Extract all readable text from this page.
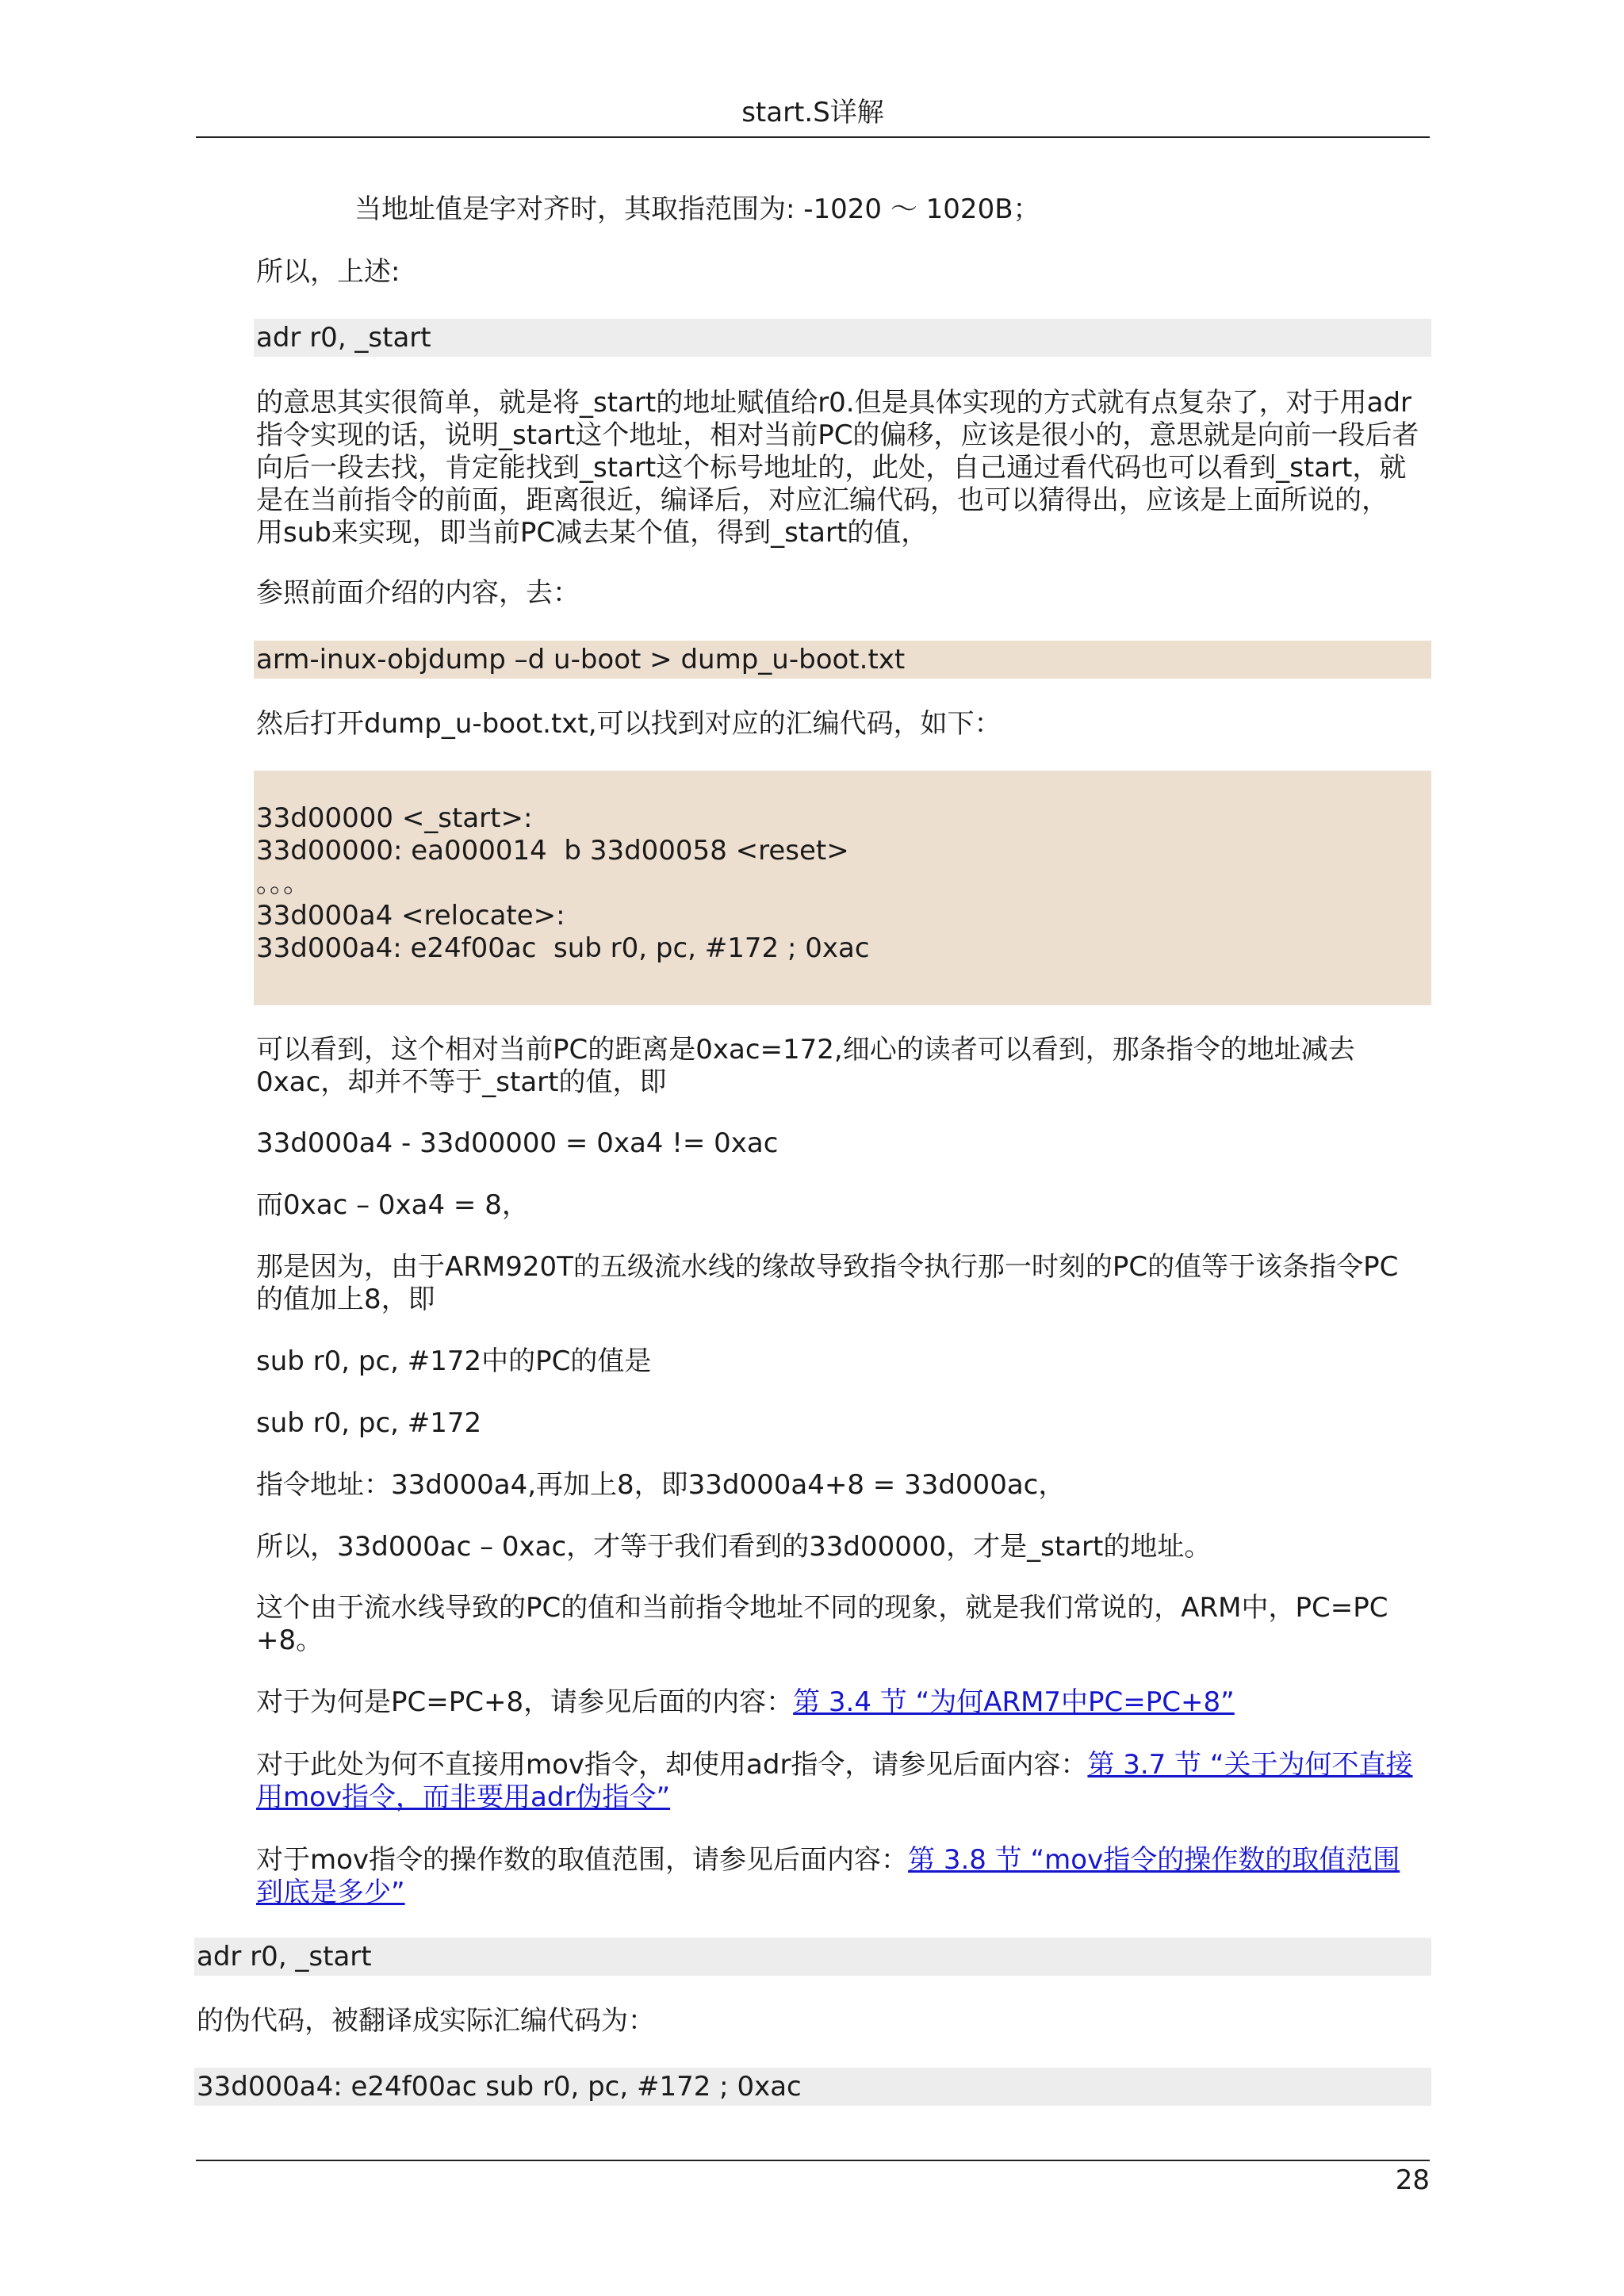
start.S详解

当地址值是字对齐时，其取指范围为: -1020 ～ 1020B；

所以，上述:

adr r0, _start
的意思其实很简单，就是将_start的地址赋值给r0.但是具体实现的方式就有点复杂了，对于用adr
指令实现的话，说明_start这个地址，相对当前PC的偏移，应该是很小的，意思就是向前一段后者
向后一段去找，肯定能找到_start这个标号地址的，此处，自己通过看代码也可以看到_start，就
是在当前指令的前面，距离很近，编译后，对应汇编代码，也可以猜得出，应该是上面所说的，
用sub来实现，即当前PC减去某个值，得到_start的值，

参照前面介绍的内容，去：

arm-inux-objdump –d u-boot > dump_u-boot.txt

然后打开dump_u-boot.txt,可以找到对应的汇编代码，如下：

33d00000 <_start>:
33d00000: ea000014  b 33d00058 <reset>
。。。
33d000a4 <relocate>:
33d000a4: e24f00ac  sub r0, pc, #172 ; 0xac
可以看到，这个相对当前PC的距离是0xac=172,细心的读者可以看到，那条指令的地址减去
0xac，却并不等于_start的值，即

33d000a4 - 33d00000 = 0xa4 != 0xac

而0xac – 0xa4 = 8，

那是因为，由于ARM920T的五级流水线的缘故导致指令执行那一时刻的PC的值等于该条指令PC
的值加上8，即

sub r0, pc, #172中的PC的值是

sub r0, pc, #172

指令地址：33d000a4,再加上8，即33d000a4+8 = 33d000ac，

所以，33d000ac – 0xac，才等于我们看到的33d00000，才是_start的地址。

这个由于流水线导致的PC的值和当前指令地址不同的现象，就是我们常说的，ARM中，PC=PC
+8。

对于为何是PC=PC+8，请参见后面的内容：第 3.4 节 “为何ARM7中PC=PC+8”

对于此处为何不直接用mov指令，却使用adr指令，请参见后面内容：第 3.7 节 “关于为何不直接
用mov指令，而非要用adr伪指令”
对于mov指令的操作数的取值范围，请参见后面内容：第 3.8 节 “mov指令的操作数的取值范围
到底是多少”
adr r0, _start

的伪代码，被翻译成实际汇编代码为：

33d000a4: e24f00ac sub r0, pc, #172 ; 0xac
28
